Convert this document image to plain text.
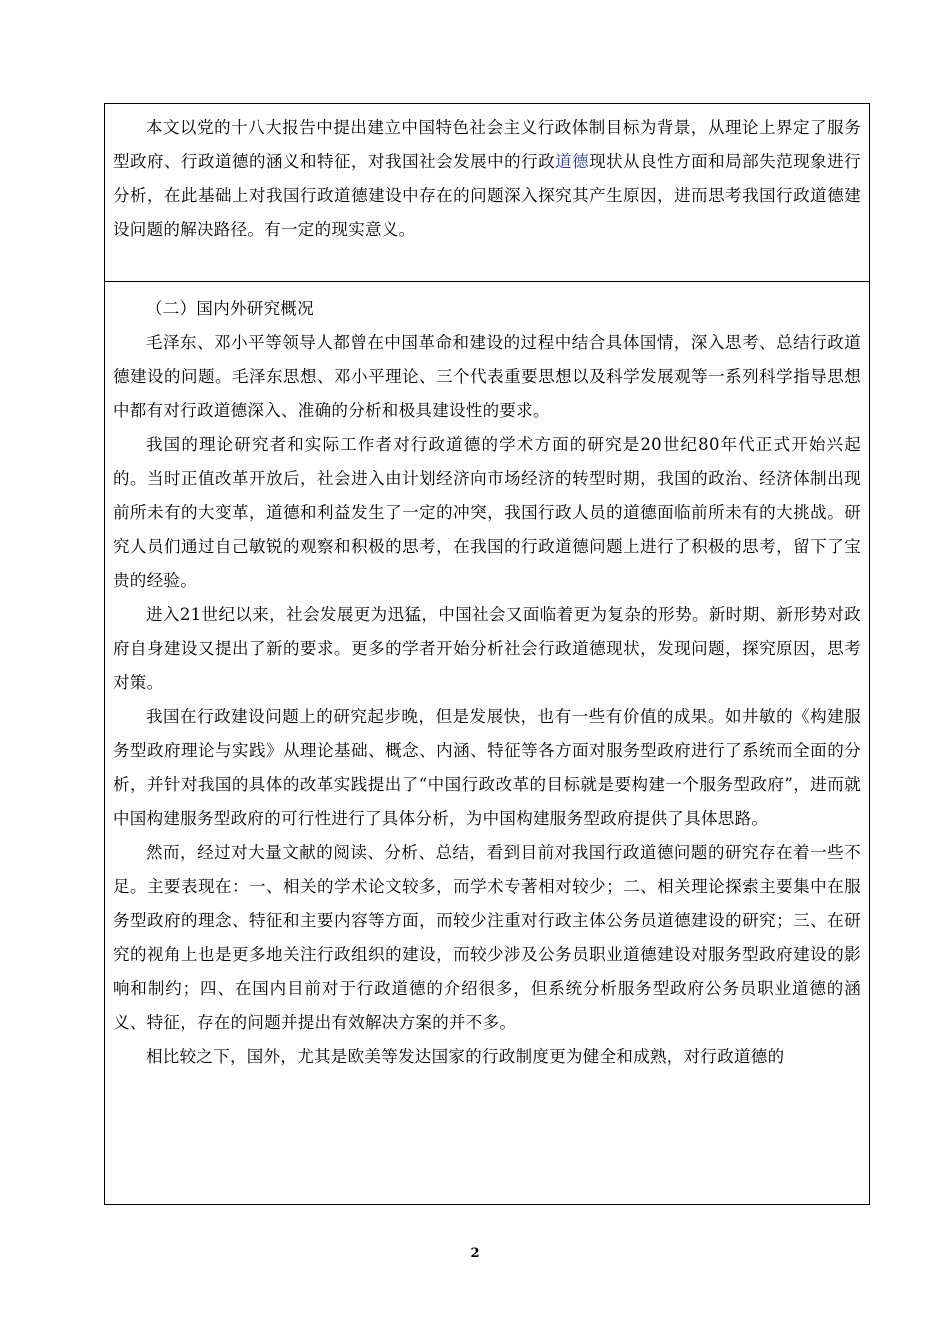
本文以党的十八大报告中提出建立中国特色社会主义行政体制目标为背景，从理论上界定了服务型政府、行政道德的涵义和特征，对我国社会发展中的行政道德现状从良性方面和局部失范现象进行分析，在此基础上对我国行政道德建设中存在的问题深入探究其产生原因，进而思考我国行政道德建设问题的解决路径。有一定的现实意义。

（二）国内外研究概况

毛泽东、邓小平等领导人都曾在中国革命和建设的过程中结合具体国情，深入思考、总结行政道德建设的问题。毛泽东思想、邓小平理论、三个代表重要思想以及科学发展观等一系列科学指导思想中都有对行政道德深入、准确的分析和极具建设性的要求。

我国的理论研究者和实际工作者对行政道德的学术方面的研究是20世纪80年代正式开始兴起的。当时正值改革开放后，社会进入由计划经济向市场经济的转型时期，我国的政治、经济体制出现前所未有的大变革，道德和利益发生了一定的冲突，我国行政人员的道德面临前所未有的大挑战。研究人员们通过自己敏锐的观察和积极的思考，在我国的行政道德问题上进行了积极的思考，留下了宝贵的经验。

进入21世纪以来，社会发展更为迅猛，中国社会又面临着更为复杂的形势。新时期、新形势对政府自身建设又提出了新的要求。更多的学者开始分析社会行政道德现状，发现问题，探究原因，思考对策。

我国在行政建设问题上的研究起步晚，但是发展快，也有一些有价值的成果。如井敏的《构建服务型政府理论与实践》从理论基础、概念、内涵、特征等各方面对服务型政府进行了系统而全面的分析，并针对我国的具体的改革实践提出了“中国行政改革的目标就是要构建一个服务型政府”，进而就中国构建服务型政府的可行性进行了具体分析，为中国构建服务型政府提供了具体思路。

然而，经过对大量文献的阅读、分析、总结，看到目前对我国行政道德问题的研究存在着一些不足。主要表现在：一、相关的学术论文较多，而学术专著相对较少；二、相关理论探索主要集中在服务型政府的理念、特征和主要内容等方面，而较少注重对行政主体公务员道德建设的研究；三、在研究的视角上也是更多地关注行政组织的建设，而较少涉及公务员职业道德建设对服务型政府建设的影响和制约；四、在国内目前对于行政道德的介绍很多，但系统分析服务型政府公务员职业道德的涵义、特征，存在的问题并提出有效解决方案的并不多。

相比较之下，国外，尤其是欧美等发达国家的行政制度更为健全和成熟，对行政道德的

2
